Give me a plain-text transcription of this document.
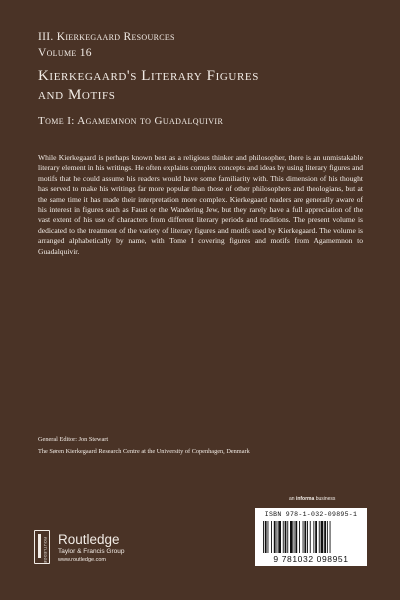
III. Kierkegaard Resources
Volume 16
Kierkegaard's Literary Figures
and Motifs
Tome I: Agamemnon to Guadalquivir
While Kierkegaard is perhaps known best as a religious thinker and philosopher, there is an unmistakable literary element in his writings. He often explains complex concepts and ideas by using literary figures and motifs that he could assume his readers would have some familiarity with. This dimension of his thought has served to make his writings far more popular than those of other philosophers and theologians, but at the same time it has made their interpretation more complex. Kierkegaard readers are generally aware of his interest in figures such as Faust or the Wandering Jew, but they rarely have a full appreciation of the vast extent of his use of characters from different literary periods and traditions. The present volume is dedicated to the treatment of the variety of literary figures and motifs used by Kierkegaard. The volume is arranged alphabetically by name, with Tome I covering figures and motifs from Agamemnon to Guadalquivir.
General Editor: Jon Stewart
The Søren Kierkegaard Research Centre at the University of Copenhagen, Denmark
an informa business
ROUTLEDGE Routledge
Taylor & Francis Group
www.routledge.com
ISBN 978-1-032-09895-1
9 781032 098951
